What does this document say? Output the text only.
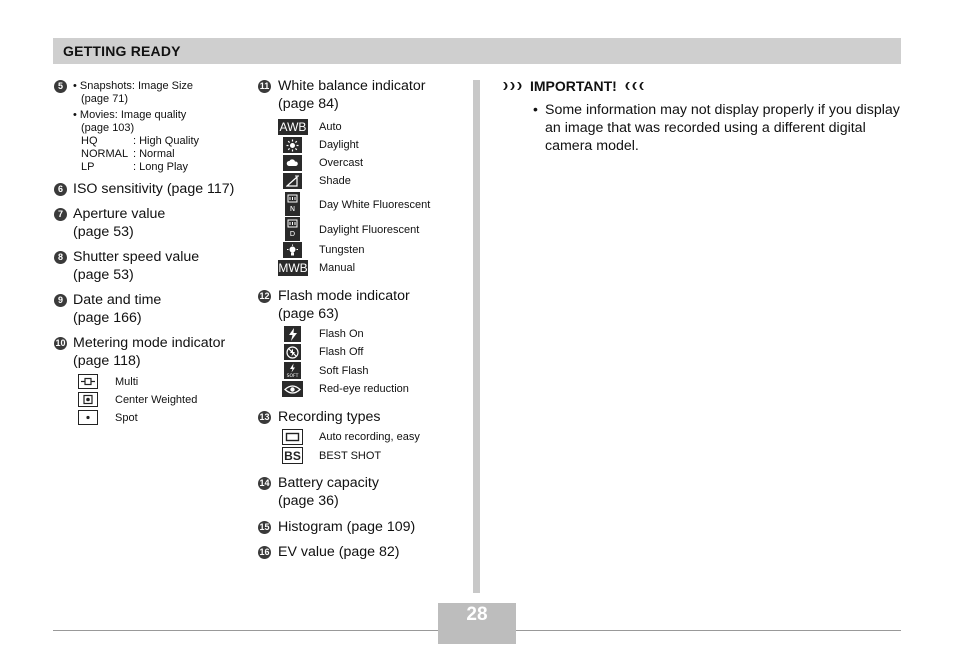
GETTING READY
5 • Snapshots: Image Size
(page 71)
• Movies: Image quality
(page 103)
HQ	: High Quality
NORMAL : Normal
LP	: Long Play
6 ISO sensitivity (page 117)
7 Aperture value
(page 53)
8 Shutter speed value
(page 53)
9 Date and time
(page 166)
10 Metering mode indicator
(page 118)
Multi
Center Weighted
Spot
11 White balance indicator
(page 84)
AWB Auto
Daylight
Overcast
Shade
N Day White Fluorescent
D Daylight Fluorescent
Tungsten
MWB Manual
12 Flash mode indicator
(page 63)
Flash On
Flash Off
SOFT Soft Flash
Red-eye reduction
13 Recording types
Auto recording, easy
BS BEST SHOT
14 Battery capacity
(page 36)
15 Histogram (page 109)
16 EV value (page 82)
IMPORTANT!
• Some information may not display properly if you display an image that was recorded using a different digital camera model.
28
